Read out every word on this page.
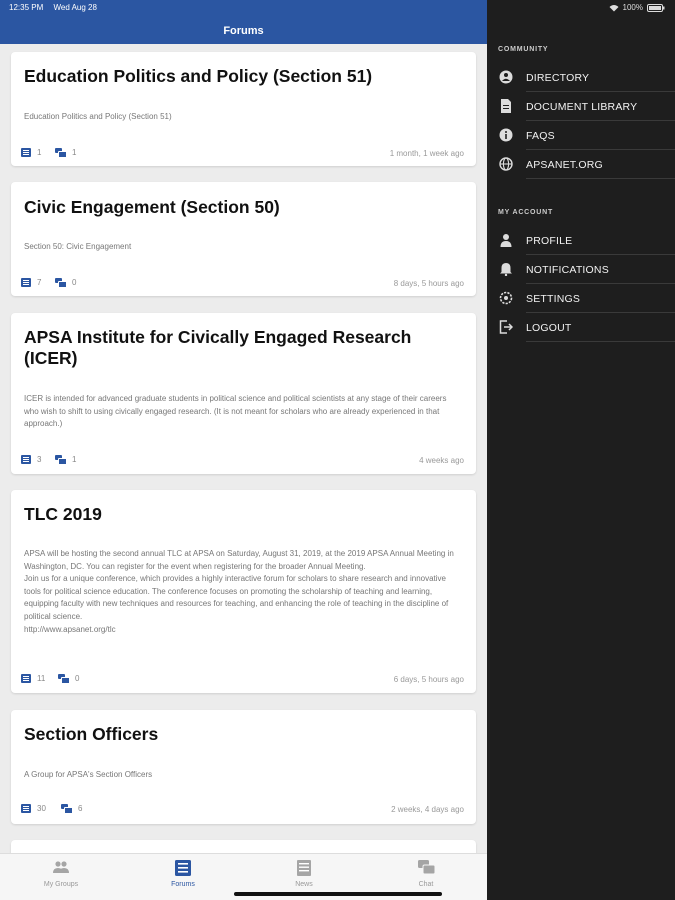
12:35 PM Wed Aug 28
Forums
Education Politics and Policy (Section 51)
Education Politics and Policy (Section 51)
1	1	1 month, 1 week ago
Civic Engagement (Section 50)
Section 50: Civic Engagement
7	0	8 days, 5 hours ago
APSA Institute for Civically Engaged Research (ICER)
ICER is intended for advanced graduate students in political science and political scientists at any stage of their careers who wish to shift to using civically engaged research. (It is not meant for scholars who are already experienced in that approach.)
3	1	4 weeks ago
TLC 2019
APSA will be hosting the second annual TLC at APSA on Saturday, August 31, 2019, at the 2019 APSA Annual Meeting in Washington, DC. You can register for the event when registering for the broader Annual Meeting.
Join us for a unique conference, which provides a highly interactive forum for scholars to share research and innovative tools for political science education. The conference focuses on promoting the scholarship of teaching and learning, equipping faculty with new techniques and resources for teaching, and enhancing the role of teaching in the discipline of political science.
http://www.apsanet.org/tlc
11	0	6 days, 5 hours ago
Section Officers
A Group for APSA's Section Officers
30	6	2 weeks, 4 days ago
My Groups	Forums	News	Chat
100%
COMMUNITY
DIRECTORY
DOCUMENT LIBRARY
FAQS
APSANET.ORG
MY ACCOUNT
PROFILE
NOTIFICATIONS
SETTINGS
LOGOUT
